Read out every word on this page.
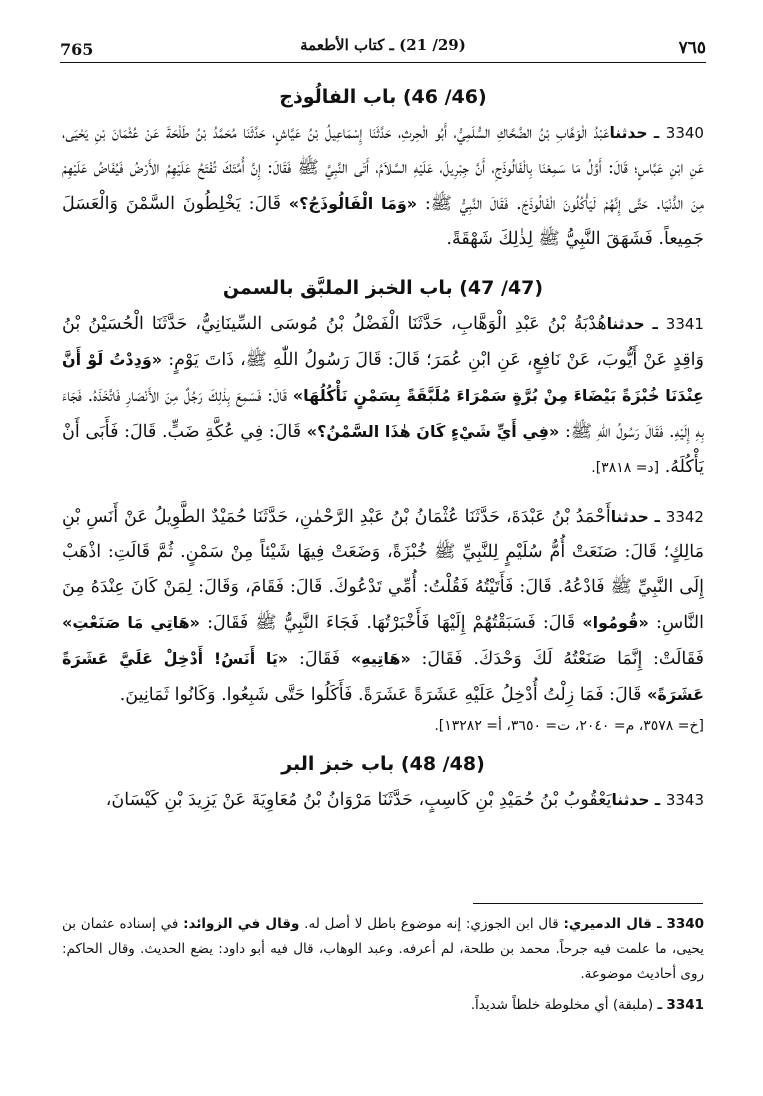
765	(29/ 21) ـ كتاب الأطعمة	٧٦٥
(46/ 46) باب الفالُوذج

3340 ـ حدثناعَبْدُ الْوَهَّابِ بْنُ الضَّحَّاكِ السُّلَمِيُّ، أَبُو الْحِرثِ، حَدَّثَنَا إِسْمَاعِيلُ بْنُ عَيَّاشٍ، حَدَّثَنَا مُحَمَّدُ بْنُ طَلْحَةَ عَنْ عُثْمَانَ بْنِ يَحْيَى، عَنِ ابْنِ عَبَّاسٍ؛ قَالَ: أَوَّلُ مَا سَمِعْنَا بِالْفَالُوذَجِ، أَنَّ جِبْرِيلَ، عَلَيْهِ السَّلاَمُ، أَتَى النَّبِيَّ ﷺ فَقَالَ: إِنَّ أُمَّتَكَ تُفْتَحُ عَلَيْهِمُ الأَرْضُ فَيُفَاضُ عَلَيْهِمْ مِنَ الدُّنْيَا. حَتَّى إِنَّهُمْ لَيَأْكُلُونَ الْفَالُوذَجَ. فَقَالَ النَّبِيُّ ﷺ: «وَمَا الْفَالُوذَجُ؟» قَالَ: يَخْلِطُونَ السَّمْنَ وَالْعَسَلَ جَمِيعاً. فَشَهَقَ النَّبِيُّ ﷺ لِذٰلِكَ شَهْقَةً.

(47/ 47) باب الخبز الملبَّق بالسمن

3341 ـ حدثناهُدْبَةُ بْنُ عَبْدِ الْوَهَّابِ، حَدَّثَنَا الْفَضْلُ بْنُ مُوسَى السِّينَانِيُّ، حَدَّثَنَا الْحُسَيْنُ بْنُ وَاقِدٍ عَنْ أَيُّوبَ، عَنْ نَافِعٍ، عَنِ ابْنِ عُمَرَ؛ قَالَ: قَالَ رَسُولُ اللّٰهِ ﷺ، ذَاتَ يَوْمٍ: «وَدِدْتُ لَوْ أَنَّ عِنْدَنَا خُبْزَةً بَيْضَاءَ مِنْ بُرَّةٍ سَمْرَاءَ مُلَبَّقَةً بِسَمْنٍ نَأْكُلُهَا» قَالَ: فَسَمِعَ بِذٰلِكَ رَجُلٌ مِنَ الأَنْصَارِ فَاتَّخَذَهُ. فَجَاءَ بِهِ إِلَيْهِ. فَقَالَ رَسُولُ اللّٰهِ ﷺ: «فِي أَيِّ شَيْءٍ كَانَ هٰذَا السَّمْنُ؟» قَالَ: فِي عُكَّةِ ضَبٍّ. قَالَ: فَأَبَى أَنْ يَأْكُلَهُ. [د= ٣٨١٨].

3342 ـ حدثناأَحْمَدُ بْنُ عَبْدَةَ، حَدَّثَنَا عُثْمَانُ بْنُ عَبْدِ الرَّحْمٰنِ، حَدَّثَنَا حُمَيْدٌ الطَّوِيلُ عَنْ أَنَسِ بْنِ مَالِكٍ؛ قَالَ: صَنَعَتْ أُمُّ سُلَيْمٍ لِلنَّبِيِّ ﷺ خُبْزَةً، وَضَعَتْ فِيهَا شَيْئاً مِنْ سَمْنٍ. ثُمَّ قَالَتِ: اذْهَبْ إِلَى النَّبِيِّ ﷺ فَادْعُهُ. قَالَ: فَأَتَيْتُهُ فَقُلْتُ: أُمِّي تَدْعُوكَ. قَالَ: فَقَامَ، وَقَالَ: لِمَنْ كَانَ عِنْدَهُ مِنَ النَّاسِ: «قُومُوا» قَالَ: فَسَبَقْتُهُمْ إِلَيْهَا فَأَخْبَرْتُهَا. فَجَاءَ النَّبِيُّ ﷺ فَقَالَ: «هَاتِي مَا صَنَعْتِ» فَقَالَتْ: إِنَّمَا صَنَعْتُهُ لَكَ وَحْدَكَ. فَقَالَ: «هَاتِيهِ» فَقَالَ: «يَا أَنَسُ! أَدْخِلْ عَلَيَّ عَشَرَةً عَشَرَةً» قَالَ: فَمَا زِلْتُ أُدْخِلُ عَلَيْهِ عَشَرَةً عَشَرَةً. فَأَكَلُوا حَتَّى شَبِعُوا. وَكَانُوا ثَمَانِينَ.

[خ= ٣٥٧٨، م= ٢٠٤٠، ت= ٣٦٥٠، أ= ١٣٢٨٢].

(48/ 48) باب خبز البر

3343 ـ حدثنايَعْقُوبُ بْنُ حُمَيْدِ بْنِ كَاسِبٍ، حَدَّثَنَا مَرْوَانُ بْنُ مُعَاوِيَةَ عَنْ يَزِيدَ بْنِ كَيْسَانَ،

3340 ـ قال الدميري: قال ابن الجوزي: إنه موضوع باطل لا أصل له. وقال في الزوائد: في إسناده عثمان بن يحيى، ما علمت فيه جرحاً. محمد بن طلحة، لم أعرفه. وعبد الوهاب، قال فيه أبو داود: يضع الحديث. وقال الحاكم: روى أحاديث موضوعة.

3341 ـ (ملبقة) أي مخلوطة خلطاً شديداً.
